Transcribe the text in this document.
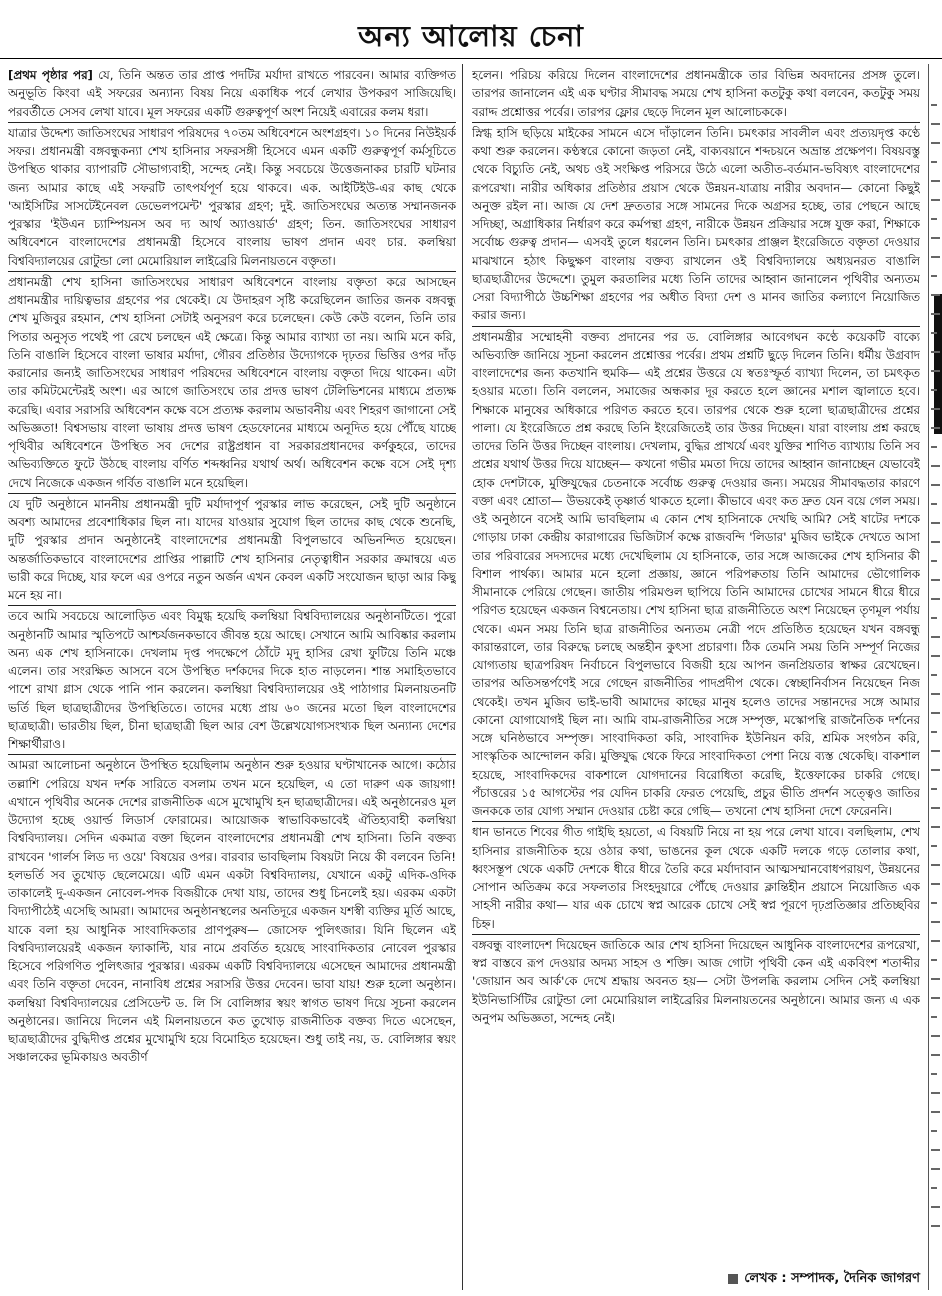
অন্য আলোয় চেনা

[প্রথম পৃষ্ঠার পর] যে, তিনি অন্তত তার প্রাপ্ত পদটির মর্যাদা রাখতে পারবেন। আমার ব্যক্তিগত অনুভূতি কিংবা এই সফরের অন্যান্য বিষয় নিয়ে একাধিক পর্বে লেখার উপকরণ সাজিয়েছি। পরবর্তীতে সেসব লেখা যাবে। মূল সফরের একটি গুরুত্বপূর্ণ অংশ নিয়েই এবারের কলম ধরা।

যাত্রার উদ্দেশ্য জাতিসংঘের সাধারণ পরিষদের ৭০তম অধিবেশনে অংশগ্রহণ। ১০ দিনের নিউইয়র্ক সফর। প্রধানমন্ত্রী বঙ্গবন্ধুকন্যা শেখ হাসিনার সফরসঙ্গী হিসেবে এমন একটি গুরুত্বপূর্ণ কর্মসূচিতে উপস্থিত থাকার ব্যাপারটি সৌভাগ্যবাহী, সন্দেহ নেই। কিন্তু সবচেয়ে উত্তেজনাকর চারটি ঘটনার জন্য আমার কাছে এই সফরটি তাৎপর্যপূর্ণ হয়ে থাকবে। এক. আইটিইউ-এর কাছ থেকে 'আইসিটির সাসটেইনেবল ডেভেলপমেন্ট' পুরস্কার গ্রহণ; দুই. জাতিসংঘের অত্যন্ত সম্মানজনক পুরস্কার 'ইউএন চ্যাম্পিয়নস অব দ্য আর্থ অ্যাওয়ার্ড' গ্রহণ; তিন. জাতিসংঘের সাধারণ অধিবেশনে বাংলাদেশের প্রধানমন্ত্রী হিসেবে বাংলায় ভাষণ প্রদান এবং চার. কলম্বিয়া বিশ্ববিদ্যালয়ের রোটুন্ডা লো মেমোরিয়াল লাইব্রেরি মিলনায়তনে বক্তৃতা।

প্রধানমন্ত্রী শেখ হাসিনা জাতিসংঘের সাধারণ অধিবেশনে বাংলায় বক্তৃতা করে আসছেন প্রধানমন্ত্রীর দায়িত্বভার গ্রহণের পর থেকেই। যে উদাহরণ সৃষ্টি করেছিলেন জাতির জনক বঙ্গবন্ধু শেখ মুজিবুর রহমান, শেখ হাসিনা সেটাই অনুসরণ করে চলেছেন। কেউ কেউ বলেন, তিনি তার পিতার অনুসৃত পথেই পা রেখে চলছেন এই ক্ষেত্রে। কিন্তু আমার ব্যাখ্যা তা নয়। আমি মনে করি, তিনি বাঙালি হিসেবে বাংলা ভাষার মর্যাদা, গৌরব প্রতিষ্ঠার উদ্যোগকে দৃঢ়তর ভিত্তির ওপর দাঁড় করানোর জন্যই জাতিসংঘের সাধারণ পরিষদের অধিবেশনে বাংলায় বক্তৃতা দিয়ে থাকেন। এটা তার কমিটমেন্টেরই অংশ। এর আগে জাতিসংঘে তার প্রদত্ত ভাষণ টেলিভিশনের মাধ্যমে প্রত্যক্ষ করেছি। এবার সরাসরি অধিবেশন কক্ষে বসে প্রত্যক্ষ করলাম অভাবনীয় এবং শিহরণ জাগানো সেই অভিজ্ঞতা! বিশ্বসভায় বাংলা ভাষায় প্রদত্ত ভাষণ হেডফোনের মাধ্যমে অনূদিত হয়ে পৌঁছে যাচ্ছে পৃথিবীর অধিবেশনে উপস্থিত সব দেশের রাষ্ট্রপ্রধান বা সরকারপ্রধানদের কর্ণকুহরে, তাদের অভিব্যক্তিতে ফুটে উঠছে বাংলায় বর্ণিত শব্দধ্বনির যথার্থ অর্থ। অধিবেশন কক্ষে বসে সেই দৃশ্য দেখে নিজেকে একজন গর্বিত বাঙালি মনে হয়েছিল।

যে দুটি অনুষ্ঠানে মাননীয় প্রধানমন্ত্রী দুটি মর্যাদাপূর্ণ পুরস্কার লাভ করেছেন, সেই দুটি অনুষ্ঠানে অবশ্য আমাদের প্রবেশাধিকার ছিল না। যাদের যাওয়ার সুযোগ ছিল তাদের কাছ থেকে শুনেছি, দুটি পুরস্কার প্রদান অনুষ্ঠানেই বাংলাদেশের প্রধানমন্ত্রী বিপুলভাবে অভিনন্দিত হয়েছেন। অন্তর্জাতিকভাবে বাংলাদেশের প্রাপ্তির পাল্লাটি শেখ হাসিনার নেতৃত্বাধীন সরকার ক্রমান্বয়ে এত ভারী করে দিচ্ছে, যার ফলে এর ওপরে নতুন অর্জন এখন কেবল একটি সংযোজন ছাড়া আর কিছু মনে হয় না।

তবে আমি সবচেয়ে আলোড়িত এবং বিমুগ্ধ হয়েছি কলম্বিয়া বিশ্ববিদ্যালয়ের অনুষ্ঠানটিতে। পুরো অনুষ্ঠানটি আমার স্মৃতিপটে আশ্চর্যজনকভাবে জীবন্ত হয়ে আছে। সেখানে আমি আবিষ্কার করলাম অন্য এক শেখ হাসিনাকে। দেখলাম দৃপ্ত পদক্ষেপে ঠোঁটে মৃদু হাসির রেখা ফুটিয়ে তিনি মঞ্চে এলেন। তার সংরক্ষিত আসনে বসে উপস্থিত দর্শকদের দিকে হাত নাড়লেন। শান্ত সমাহিতভাবে পাশে রাখা গ্লাস থেকে পানি পান করলেন। কলম্বিয়া বিশ্ববিদ্যালয়ের ওই পাঠাগার মিলনায়তনটি ভর্তি ছিল ছাত্রছাত্রীদের উপস্থিতিতে। তাদের মধ্যে প্রায় ৬০ জনের মতো ছিল বাংলাদেশের ছাত্রছাত্রী। ভারতীয় ছিল, চীনা ছাত্রছাত্রী ছিল আর বেশ উল্লেখযোগ্যসংখ্যক ছিল অন্যান্য দেশের শিক্ষার্থীরাও।

আমরা আলোচনা অনুষ্ঠানে উপস্থিত হয়েছিলাম অনুষ্ঠান শুরু হওয়ার ঘণ্টাখানেক আগে। কঠোর তল্লাশি পেরিয়ে যখন দর্শক সারিতে বসলাম তখন মনে হয়েছিল, এ তো দারুণ এক জায়গা! এখানে পৃথিবীর অনেক দেশের রাজনীতিক এসে মুখোমুখি হন ছাত্রছাত্রীদের। এই অনুষ্ঠানেরও মূল উদ্যোগ হচ্ছে ওয়ার্ল্ড লিডার্স ফোরামের। আয়োজক স্বাভাবিকভাবেই ঐতিহ্যবাহী কলম্বিয়া বিশ্ববিদ্যালয়। সেদিন একমাত্র বক্তা ছিলেন বাংলাদেশের প্রধানমন্ত্রী শেখ হাসিনা। তিনি বক্তব্য রাখবেন 'গার্লস লিড দ্য ওয়ে' বিষয়ের ওপর। বারবার ভাবছিলাম বিষয়টা নিয়ে কী বলবেন তিনি! হলভর্তি সব তুখোড় ছেলেমেয়ে। এটি এমন একটা বিশ্ববিদ্যালয়, যেখানে একটু এদিক-ওদিক তাকালেই দু-একজন নোবেল-পদক বিজয়ীকে দেখা যায়, তাদের শুধু চিনলেই হয়। এরকম একটা বিদ্যাপীঠেই এসেছি আমরা। আমাদের অনুষ্ঠানস্থলের অনতিদূরে একজন যশস্বী ব্যক্তির মূর্তি আছে, যাকে বলা হয় আধুনিক সাংবাদিকতার প্রাণপুরুষ— জোসেফ পুলিৎজার। যিনি ছিলেন এই বিশ্ববিদ্যালয়েরই একজন ফ্যাকাল্টি, যার নামে প্রবর্তিত হয়েছে সাংবাদিকতার নোবেল পুরস্কার হিসেবে পরিগণিত পুলিৎজার পুরস্কার। এরকম একটি বিশ্ববিদ্যালয়ে এসেছেন আমাদের প্রধানমন্ত্রী এবং তিনি বক্তৃতা দেবেন, নানাবিধ প্রশ্নের সরাসরি উত্তর দেবেন। ভাবা যায়! শুরু হলো অনুষ্ঠান। কলম্বিয়া বিশ্ববিদ্যালয়ের প্রেসিডেন্ট ড. লি সি বোলিঙ্গার স্বয়ং স্বাগত ভাষণ দিয়ে সূচনা করলেন অনুষ্ঠানের। জানিয়ে দিলেন এই মিলনায়তনে কত তুখোড় রাজনীতিক বক্তব্য দিতে এসেছেন, ছাত্রছাত্রীদের বুদ্ধিদীপ্ত প্রশ্নের মুখোমুখি হয়ে বিমোহিত হয়েছেন। শুধু তাই নয়, ড. বোলিঙ্গার স্বয়ং সঞ্চালকের ভূমিকায়ও অবতীর্ণ

হলেন। পরিচয় করিয়ে দিলেন বাংলাদেশের প্রধানমন্ত্রীকে তার বিভিন্ন অবদানের প্রসঙ্গ তুলে। তারপর জানালেন এই এক ঘণ্টার সীমাবদ্ধ সময়ে শেখ হাসিনা কতটুকু কথা বলবেন, কতটুকু সময় বরাদ্দ প্রশ্নোত্তর পর্বের। তারপর ফ্লোর ছেড়ে দিলেন মূল আলোচককে।

স্নিগ্ধ হাসি ছড়িয়ে মাইকের সামনে এসে দাঁড়ালেন তিনি। চমৎকার সাবলীল এবং প্রত্যয়দৃপ্ত কণ্ঠে কথা শুরু করলেন। কণ্ঠস্বরে কোনো জড়তা নেই, বাক্যবয়ানে শব্দচয়নে অভ্রান্ত প্রক্ষেপণ। বিষয়বস্তু থেকে বিচ্যুতি নেই, অথচ ওই সংক্ষিপ্ত পরিসরে উঠে এলো অতীত-বর্তমান-ভবিষ্যৎ বাংলাদেশের রূপরেখা। নারীর অধিকার প্রতিষ্ঠার প্রয়াস থেকে উন্নয়ন-যাত্রায় নারীর অবদান— কোনো কিছুই অনুক্ত রইল না। আজ যে দেশ দ্রুততার সঙ্গে সামনের দিকে অগ্রসর হচ্ছে, তার পেছনে আছে সদিচ্ছা, অগ্রাধিকার নির্ধারণ করে কর্মপন্থা গ্রহণ, নারীকে উন্নয়ন প্রক্রিয়ার সঙ্গে যুক্ত করা, শিক্ষাকে সর্বোচ্চ গুরুত্ব প্রদান— এসবই তুলে ধরলেন তিনি। চমৎকার প্রাঞ্জল ইংরেজিতে বক্তৃতা দেওয়ার মাঝখানে হঠাৎ কিছুক্ষণ বাংলায় বক্তব্য রাখলেন ওই বিশ্ববিদ্যালয়ে অধ্যয়নরত বাঙালি ছাত্রছাত্রীদের উদ্দেশে। তুমুল করতালির মধ্যে তিনি তাদের আহ্বান জানালেন পৃথিবীর অন্যতম সেরা বিদ্যাপীঠে উচ্চশিক্ষা গ্রহণের পর অধীত বিদ্যা দেশ ও মানব জাতির কল্যাণে নিয়োজিত করার জন্য।

প্রধানমন্ত্রীর সম্মোহনী বক্তব্য প্রদানের পর ড. বোলিঙ্গার আবেগঘন কণ্ঠে কয়েকটি বাক্যে অভিব্যক্তি জানিয়ে সূচনা করলেন প্রশ্নোত্তর পর্বের। প্রথম প্রশ্নটি ছুড়ে দিলেন তিনি। ধর্মীয় উগ্রবাদ বাংলাদেশের জন্য কতখানি হুমকি— এই প্রশ্নের উত্তরে যে স্বতঃস্ফূর্ত ব্যাখ্যা দিলেন, তা চমৎকৃত হওয়ার মতো। তিনি বললেন, সমাজের অন্ধকার দূর করতে হলে জ্ঞানের মশাল জ্বালাতে হবে। শিক্ষাকে মানুষের অধিকারে পরিণত করতে হবে। তারপর থেকে শুরু হলো ছাত্রছাত্রীদের প্রশ্নের পালা। যে ইংরেজিতে প্রশ্ন করছে তিনি ইংরেজিতেই তার উত্তর দিচ্ছেন। যারা বাংলায় প্রশ্ন করছে তাদের তিনি উত্তর দিচ্ছেন বাংলায়। দেখলাম, বুদ্ধির প্রাখর্যে এবং যুক্তির শাণিত ব্যাখ্যায় তিনি সব প্রশ্নের যথার্থ উত্তর দিয়ে যাচ্ছেন— কখনো গভীর মমতা দিয়ে তাদের আহ্বান জানাচ্ছেন যেভাবেই হোক দেশটাকে, মুক্তিযুদ্ধের চেতনাকে সর্বোচ্চ গুরুত্ব দেওয়ার জন্য। সময়ের সীমাবদ্ধতার কারণে বক্তা এবং শ্রোতা— উভয়কেই তৃষ্ণার্ত থাকতে হলো। কীভাবে এবং কত দ্রুত যেন বয়ে গেল সময়। ওই অনুষ্ঠানে বসেই আমি ভাবছিলাম এ কোন শেখ হাসিনাকে দেখছি আমি? সেই ষাটের দশকে গোড়ায় ঢাকা কেন্দ্রীয় কারাগারের ভিজিটার্স কক্ষে রাজবন্দি 'লিডার' মুজিব ভাইকে দেখতে আসা তার পরিবারের সদস্যদের মধ্যে দেখেছিলাম যে হাসিনাকে, তার সঙ্গে আজকের শেখ হাসিনার কী বিশাল পার্থক্য। আমার মনে হলো প্রজ্ঞায়, জ্ঞানে পরিপক্বতায় তিনি আমাদের ভৌগোলিক সীমানাকে পেরিয়ে গেছেন। জাতীয় পরিমণ্ডল ছাপিয়ে তিনি আমাদের চোখের সামনে ধীরে ধীরে পরিণত হয়েছেন একজন বিশ্বনেতায়। শেখ হাসিনা ছাত্র রাজনীতিতে অংশ নিয়েছেন তৃণমূল পর্যায় থেকে। এমন সময় তিনি ছাত্র রাজনীতির অন্যতম নেত্রী পদে প্রতিষ্ঠিত হয়েছেন যখন বঙ্গবন্ধু কারান্তরালে, তার বিরুদ্ধে চলছে অন্তহীন কুৎসা প্রচারণা। ঠিক তেমনি সময় তিনি সম্পূর্ণ নিজের যোগ্যতায় ছাত্রপরিষদ নির্বাচনে বিপুলভাবে বিজয়ী হয়ে আপন জনপ্রিয়তার স্বাক্ষর রেখেছেন। তারপর অতিসন্তর্পণেই সরে গেছেন রাজনীতির পাদপ্রদীপ থেকে। স্বেচ্ছানির্বাসন নিয়েছেন নিজ থেকেই। তখন মুজিব ভাই-ভাবী আমাদের কাছের মানুষ হলেও তাদের সন্তানদের সঙ্গে আমার কোনো যোগাযোগই ছিল না। আমি বাম-রাজনীতির সঙ্গে সম্পৃক্ত, মস্কোপন্থি রাজনৈতিক দর্শনের সঙ্গে ঘনিষ্ঠভাবে সম্পৃক্ত। সাংবাদিকতা করি, সাংবাদিক ইউনিয়ন করি, শ্রমিক সংগঠন করি, সাংস্কৃতিক আন্দোলন করি। মুক্তিযুদ্ধ থেকে ফিরে সাংবাদিকতা পেশা নিয়ে ব্যস্ত থেকেছি। বাকশাল হয়েছে, সাংবাদিকদের বাকশালে যোগদানের বিরোধিতা করেছি, ইত্তেফাকের চাকরি গেছে। পঁচাত্তরের ১৫ আগস্টের পর যেদিন চাকরি ফেরত পেয়েছি, প্রচুর ভীতি প্রদর্শন সত্ত্বেও জাতির জনককে তার যোগ্য সম্মান দেওয়ার চেষ্টা করে গেছি— তখনো শেখ হাসিনা দেশে ফেরেননি।

ধান ভানতে শিবের গীত গাইছি হয়তো, এ বিষয়টি নিয়ে না হয় পরে লেখা যাবে। বলছিলাম, শেখ হাসিনার রাজনীতিক হয়ে ওঠার কথা, ভাঙনের কূল থেকে একটি দলকে গড়ে তোলার কথা, ধ্বংসস্তূপ থেকে একটি দেশকে ধীরে ধীরে তৈরি করে মর্যাদাবান আত্মসম্মানবোধপরায়ণ, উন্নয়নের সোপান অতিক্রম করে সফলতার সিংহদুয়ারে পৌঁছে দেওয়ার ক্লান্তিহীন প্রয়াসে নিয়োজিত এক সাহসী নারীর কথা— যার এক চোখে স্বপ্ন আরেক চোখে সেই স্বপ্ন পূরণে দৃঢ়প্রতিজ্ঞার প্রতিচ্ছবির চিহ্ন।

বঙ্গবন্ধু বাংলাদেশ দিয়েছেন জাতিকে আর শেখ হাসিনা দিয়েছেন আধুনিক বাংলাদেশের রূপরেখা, স্বপ্ন বাস্তবে রূপ দেওয়ার অদম্য সাহস ও শক্তি। আজ গোটা পৃথিবী কেন এই একবিংশ শতাব্দীর 'জোয়ান অব আর্ক'কে দেখে শ্রদ্ধায় অবনত হয়— সেটা উপলব্ধি করলাম সেদিন সেই কলম্বিয়া ইউনিভার্সিটির রোটুন্ডা লো মেমোরিয়াল লাইব্রেরির মিলনায়তনের অনুষ্ঠানে। আমার জন্য এ এক অনুপম অভিজ্ঞতা, সন্দেহ নেই।

লেখক : সম্পাদক, দৈনিক জাগরণ
